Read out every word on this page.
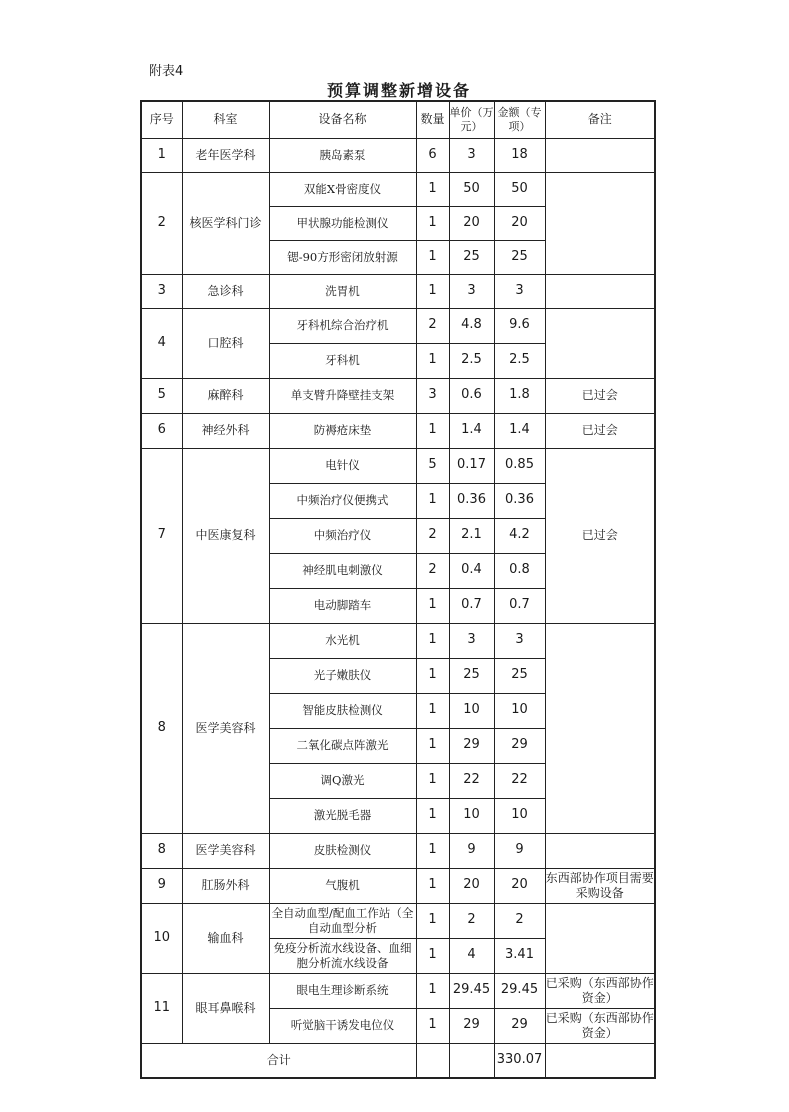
附表4
预算调整新增设备
序号	科室	设备名称	数量	单价（万元）	金额（专项）	备注
1	老年医学科	胰岛素泵	6	3	18	
2	核医学科门诊	双能X骨密度仪	1	50	50	
		甲状腺功能检测仪	1	20	20	
		锶-90方形密闭放射源	1	25	25	
3	急诊科	洗胃机	1	3	3	
4	口腔科	牙科机综合治疗机	2	4.8	9.6	
		牙科机	1	2.5	2.5	
5	麻醉科	单支臂升降壁挂支架	3	0.6	1.8	已过会
6	神经外科	防褥疮床垫	1	1.4	1.4	已过会
7	中医康复科	电针仪	5	0.17	0.85	已过会
		中频治疗仪便携式	1	0.36	0.36	
		中频治疗仪	2	2.1	4.2	
		神经肌电刺激仪	2	0.4	0.8	
		电动脚踏车	1	0.7	0.7	
8	医学美容科	水光机	1	3	3	
		光子嫩肤仪	1	25	25	
		智能皮肤检测仪	1	10	10	
		二氧化碳点阵激光	1	29	29	
		调Q激光	1	22	22	
		激光脱毛器	1	10	10	
8	医学美容科	皮肤检测仪	1	9	9	
9	肛肠外科	气腹机	1	20	20	东西部协作项目需要采购设备
10	输血科	全自动血型/配血工作站（全自动血型分析	1	2	2	
		免疫分析流水线设备、血细胞分析流水线设备	1	4	3.41	
11	眼耳鼻喉科	眼电生理诊断系统	1	29.45	29.45	已采购（东西部协作资金）
		听觉脑干诱发电位仪	1	29	29	已采购（东西部协作资金）
合计					330.07	
